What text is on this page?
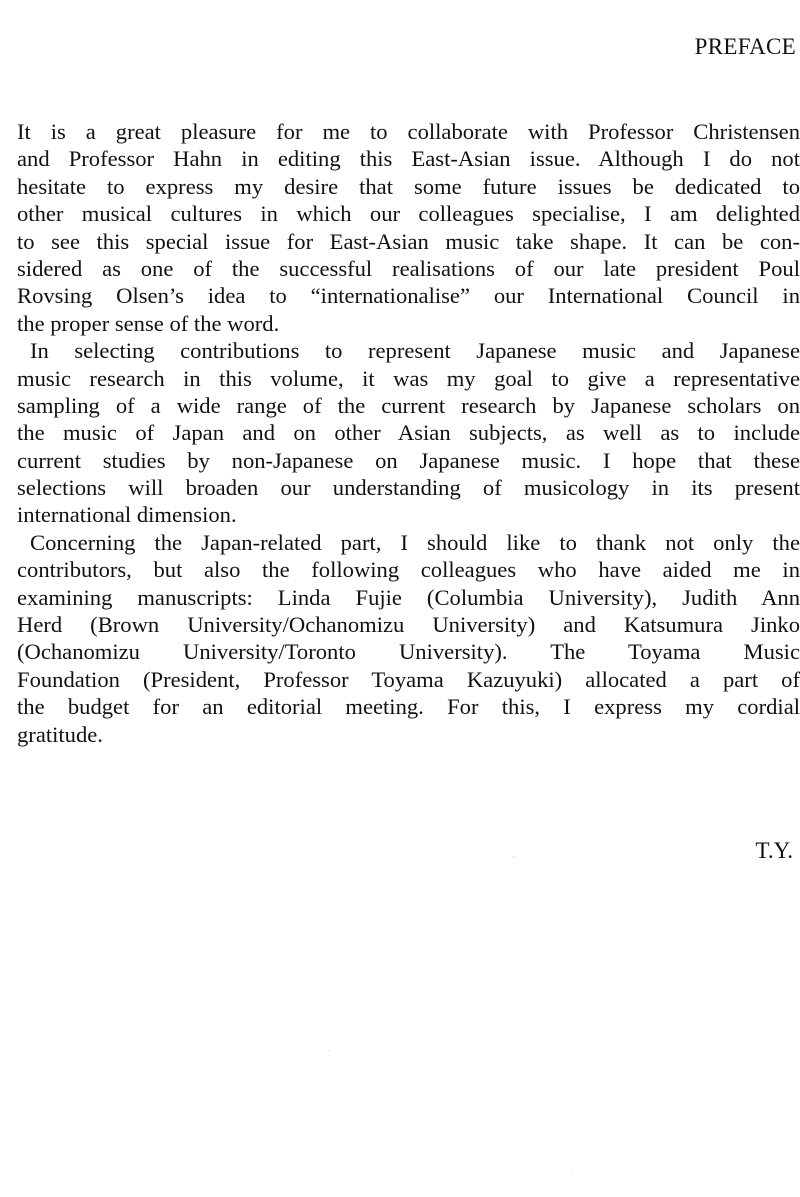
PREFACE
It is a great pleasure for me to collaborate with Professor Christensen
and Professor Hahn in editing this East-Asian issue. Although I do not
hesitate to express my desire that some future issues be dedicated to
other musical cultures in which our colleagues specialise, I am delighted
to see this special issue for East-Asian music take shape. It can be con-
sidered as one of the successful realisations of our late president Poul
Rovsing Olsen’s idea to “internationalise” our International Council in
the proper sense of the word.
In selecting contributions to represent Japanese music and Japanese
music research in this volume, it was my goal to give a representative
sampling of a wide range of the current research by Japanese scholars on
the music of Japan and on other Asian subjects, as well as to include
current studies by non-Japanese on Japanese music. I hope that these
selections will broaden our understanding of musicology in its present
international dimension.
Concerning the Japan-related part, I should like to thank not only the
contributors, but also the following colleagues who have aided me in
examining manuscripts: Linda Fujie (Columbia University), Judith Ann
Herd (Brown University/Ochanomizu University) and Katsumura Jinko
(Ochanomizu University/Toronto University). The Toyama Music
Foundation (President, Professor Toyama Kazuyuki) allocated a part of
the budget for an editorial meeting. For this, I express my cordial
gratitude.
T.Y.
